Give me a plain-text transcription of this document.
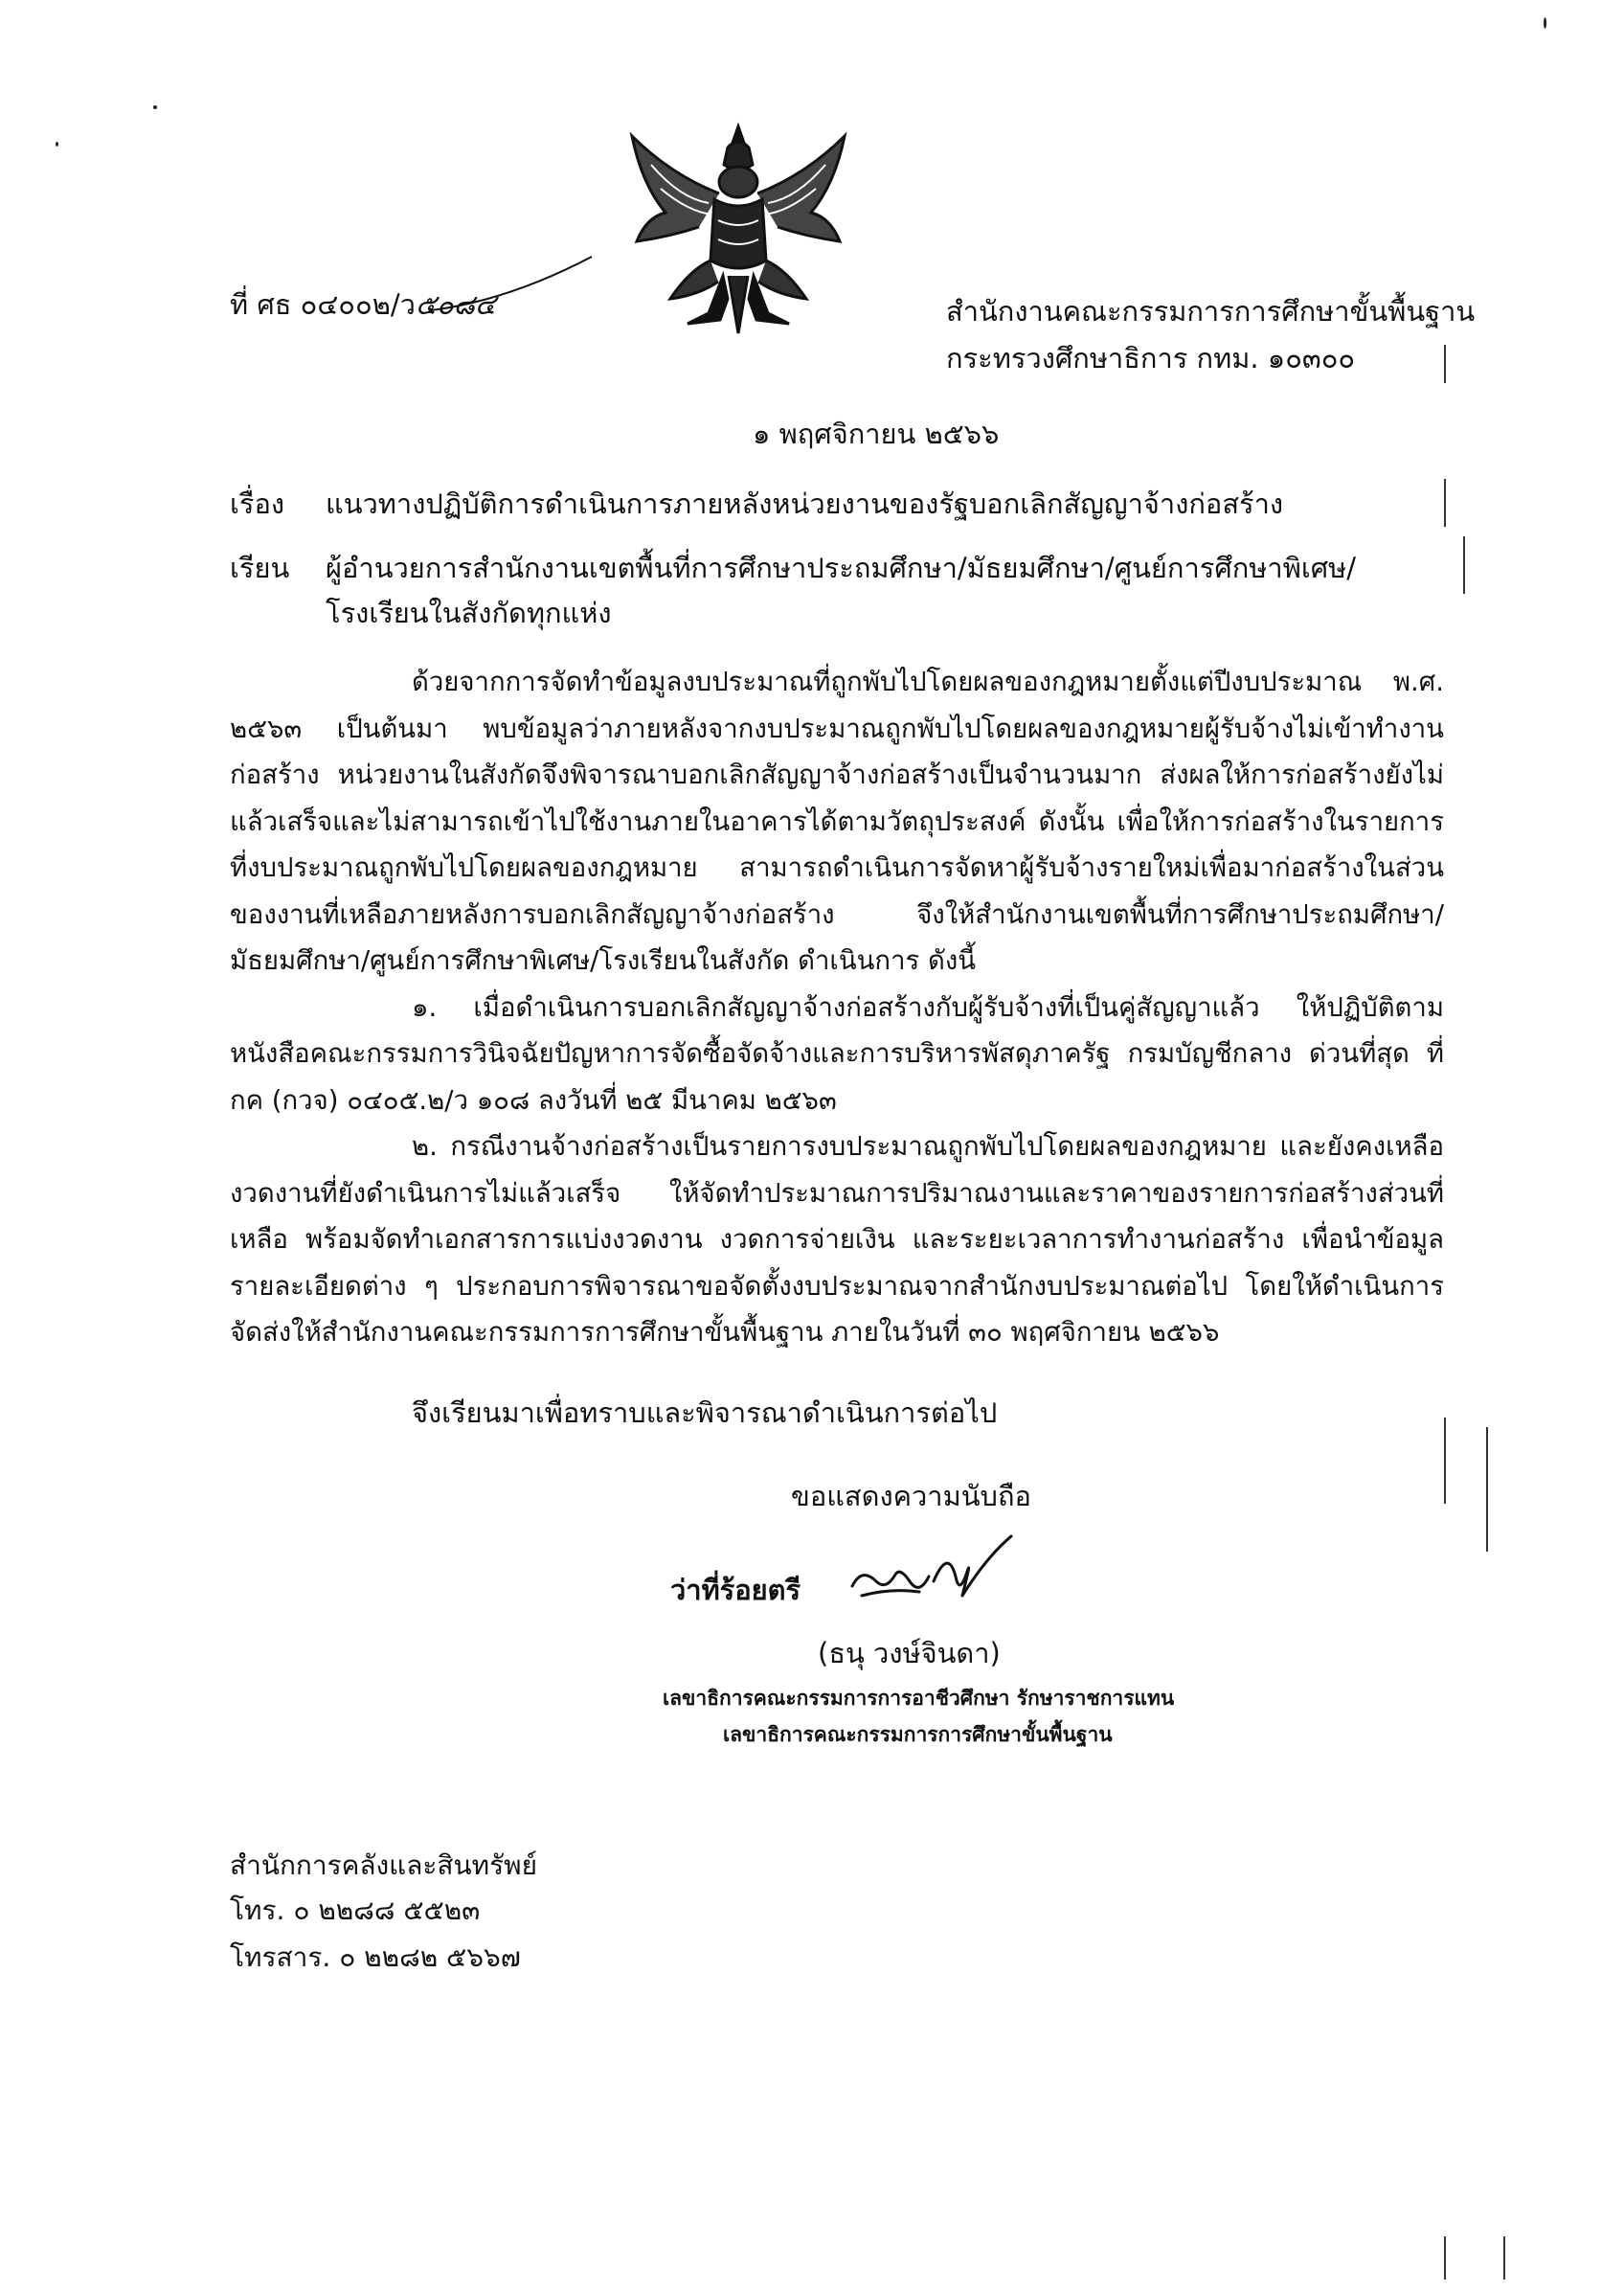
ที่ ศธ ๐๔๐๐๒/ว๕๐๘๔	สำนักงานคณะกรรมการการศึกษาขั้นพื้นฐาน
กระทรวงศึกษาธิการ กทม. ๑๐๓๐๐
๑ พฤศจิกายน ๒๕๖๖
เรื่อง แนวทางปฏิบัติการดำเนินการภายหลังหน่วยงานของรัฐบอกเลิกสัญญาจ้างก่อสร้าง
เรียน ผู้อำนวยการสำนักงานเขตพื้นที่การศึกษาประถมศึกษา/มัธยมศึกษา/ศูนย์การศึกษาพิเศษ/
โรงเรียนในสังกัดทุกแห่ง

ด้วยจากการจัดทำข้อมูลงบประมาณที่ถูกพับไปโดยผลของกฎหมายตั้งแต่ปีงบประมาณ พ.ศ. ๒๕๖๓ เป็นต้นมา พบข้อมูลว่าภายหลังจากงบประมาณถูกพับไปโดยผลของกฎหมายผู้รับจ้างไม่เข้าทำงานก่อสร้าง หน่วยงานในสังกัดจึงพิจารณาบอกเลิกสัญญาจ้างก่อสร้างเป็นจำนวนมาก ส่งผลให้การก่อสร้างยังไม่แล้วเสร็จและไม่สามารถเข้าไปใช้งานภายในอาคารได้ตามวัตถุประสงค์ ดังนั้น เพื่อให้การก่อสร้างในรายการที่งบประมาณถูกพับไปโดยผลของกฎหมาย สามารถดำเนินการจัดหาผู้รับจ้างรายใหม่เพื่อมาก่อสร้างในส่วนของงานที่เหลือภายหลังการบอกเลิกสัญญาจ้างก่อสร้าง จึงให้สำนักงานเขตพื้นที่การศึกษาประถมศึกษา/มัธยมศึกษา/ศูนย์การศึกษาพิเศษ/โรงเรียนในสังกัด ดำเนินการ ดังนี้

๑. เมื่อดำเนินการบอกเลิกสัญญาจ้างก่อสร้างกับผู้รับจ้างที่เป็นคู่สัญญาแล้ว ให้ปฏิบัติตามหนังสือคณะกรรมการวินิจฉัยปัญหาการจัดซื้อจัดจ้างและการบริหารพัสดุภาครัฐ กรมบัญชีกลาง ด่วนที่สุด ที่ กค (กวจ) ๐๔๐๕.๒/ว ๑๐๘ ลงวันที่ ๒๕ มีนาคม ๒๕๖๓

๒. กรณีงานจ้างก่อสร้างเป็นรายการงบประมาณถูกพับไปโดยผลของกฎหมาย และยังคงเหลืองวดงานที่ยังดำเนินการไม่แล้วเสร็จ ให้จัดทำประมาณการปริมาณงานและราคาของรายการก่อสร้างส่วนที่เหลือ พร้อมจัดทำเอกสารการแบ่งงวดงาน งวดการจ่ายเงิน และระยะเวลาการทำงานก่อสร้าง เพื่อนำข้อมูลรายละเอียดต่าง ๆ ประกอบการพิจารณาขอจัดตั้งงบประมาณจากสำนักงบประมาณต่อไป โดยให้ดำเนินการจัดส่งให้สำนักงานคณะกรรมการการศึกษาขั้นพื้นฐาน ภายในวันที่ ๓๐ พฤศจิกายน ๒๕๖๖

จึงเรียนมาเพื่อทราบและพิจารณาดำเนินการต่อไป
ขอแสดงความนับถือ
ว่าที่ร้อยตรี
(ธนุ วงษ์จินดา)
เลขาธิการคณะกรรมการการอาชีวศึกษา รักษาราชการแทน
เลขาธิการคณะกรรมการการศึกษาขั้นพื้นฐาน
สำนักการคลังและสินทรัพย์
โทร. ๐ ๒๒๘๘ ๕๕๒๓
โทรสาร. ๐ ๒๒๘๒ ๕๖๖๗
